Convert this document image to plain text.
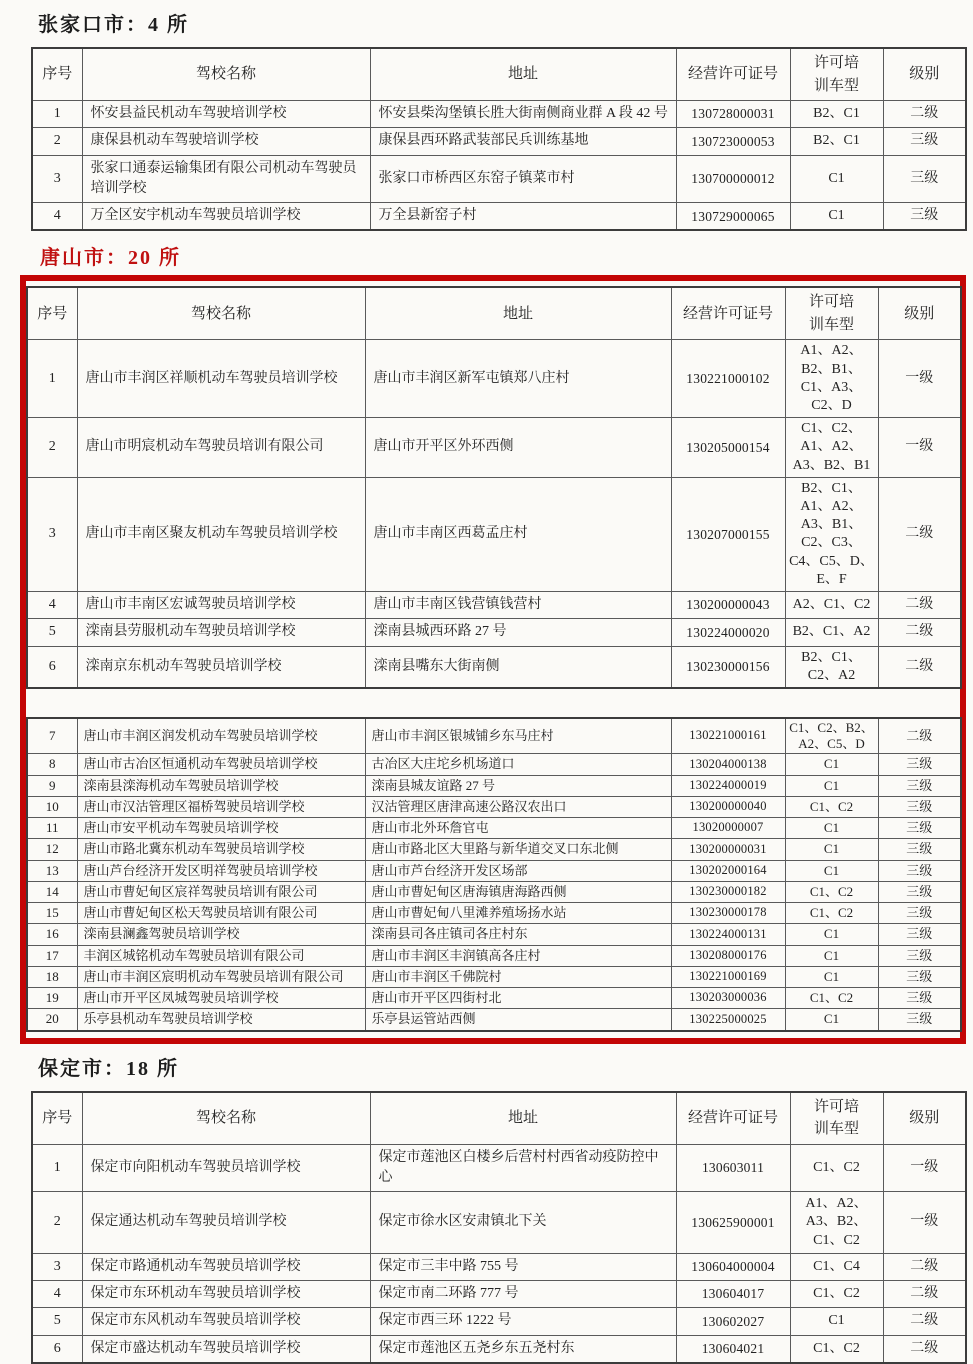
张家口市：4 所
序号	驾校名称	地址	经营许可证号	许可培训车型	级别
1	怀安县益民机动车驾驶培训学校	怀安县柴沟堡镇长胜大街南侧商业群 A 段 42 号	130728000031	B2、C1	二级
2	康保县机动车驾驶培训学校	康保县西环路武装部民兵训练基地	130723000053	B2、C1	三级
3	张家口通泰运输集团有限公司机动车驾驶员培训学校	张家口市桥西区东窑子镇菜市村	130700000012	C1	三级
4	万全区安宇机动车驾驶员培训学校	万全县新窑子村	130729000065	C1	三级
唐山市：20 所
序号	驾校名称	地址	经营许可证号	许可培训车型	级别
1	唐山市丰润区祥顺机动车驾驶员培训学校	唐山市丰润区新军屯镇郑八庄村	130221000102	A1、A2、B2、B1、C1、A3、C2、D	一级
2	唐山市明宸机动车驾驶员培训有限公司	唐山市开平区外环西侧	130205000154	C1、C2、A1、A2、A3、B2、B1	一级
3	唐山市丰南区聚友机动车驾驶员培训学校	唐山市丰南区西葛孟庄村	130207000155	B2、C1、A1、A2、A3、B1、C2、C3、C4、C5、D、E、F	二级
4	唐山市丰南区宏诚驾驶员培训学校	唐山市丰南区钱营镇钱营村	130200000043	A2、C1、C2	二级
5	滦南县劳服机动车驾驶员培训学校	滦南县城西环路 27 号	130224000020	B2、C1、A2	二级
6	滦南京东机动车驾驶员培训学校	滦南县嘴东大街南侧	130230000156	B2、C1、C2、A2	二级
7	唐山市丰润区润发机动车驾驶员培训学校	唐山市丰润区银城铺乡东马庄村	130221000161	C1、C2、B2、A2、C5、D	二级
8	唐山市古冶区恒通机动车驾驶员培训学校	古冶区大庄坨乡机场道口	130204000138	C1	三级
9	滦南县滦海机动车驾驶员培训学校	滦南县城友谊路 27 号	130224000019	C1	三级
10	唐山市汉沽管理区福桥驾驶员培训学校	汉沽管理区唐津高速公路汉农出口	130200000040	C1、C2	三级
11	唐山市安平机动车驾驶员培训学校	唐山市北外环詹官屯	13020000007	C1	三级
12	唐山市路北冀东机动车驾驶员培训学校	唐山市路北区大里路与新华道交叉口东北侧	130200000031	C1	三级
13	唐山芦台经济开发区明祥驾驶员培训学校	唐山市芦台经济开发区场部	130202000164	C1	三级
14	唐山市曹妃甸区宸祥驾驶员培训有限公司	唐山市曹妃甸区唐海镇唐海路西侧	130230000182	C1、C2	三级
15	唐山市曹妃甸区松天驾驶员培训有限公司	唐山市曹妃甸八里滩养殖场扬水站	130230000178	C1、C2	三级
16	滦南县澜鑫驾驶员培训学校	滦南县司各庄镇司各庄村东	130224000131	C1	三级
17	丰润区城铭机动车驾驶员培训有限公司	唐山市丰润区丰润镇高各庄村	130208000176	C1	三级
18	唐山市丰润区宸明机动车驾驶员培训有限公司	唐山市丰润区千佛院村	130221000169	C1	三级
19	唐山市开平区凤城驾驶员培训学校	唐山市开平区四街村北	130203000036	C1、C2	三级
20	乐亭县机动车驾驶员培训学校	乐亭县运管站西侧	130225000025	C1	三级
保定市：18 所
序号	驾校名称	地址	经营许可证号	许可培训车型	级别
1	保定市向阳机动车驾驶员培训学校	保定市莲池区白楼乡后营村村西省动疫防控中心	130603011	C1、C2	一级
2	保定通达机动车驾驶员培训学校	保定市徐水区安肃镇北下关	130625900001	A1、A2、A3、B2、C1、C2	一级
3	保定市路通机动车驾驶员培训学校	保定市三丰中路 755 号	130604000004	C1、C4	二级
4	保定市东环机动车驾驶员培训学校	保定市南二环路 777 号	130604017	C1、C2	二级
5	保定市东风机动车驾驶员培训学校	保定市西三环 1222 号	130602027	C1	二级
6	保定市盛达机动车驾驶员培训学校	保定市莲池区五尧乡东五尧村东	130604021	C1、C2	二级
